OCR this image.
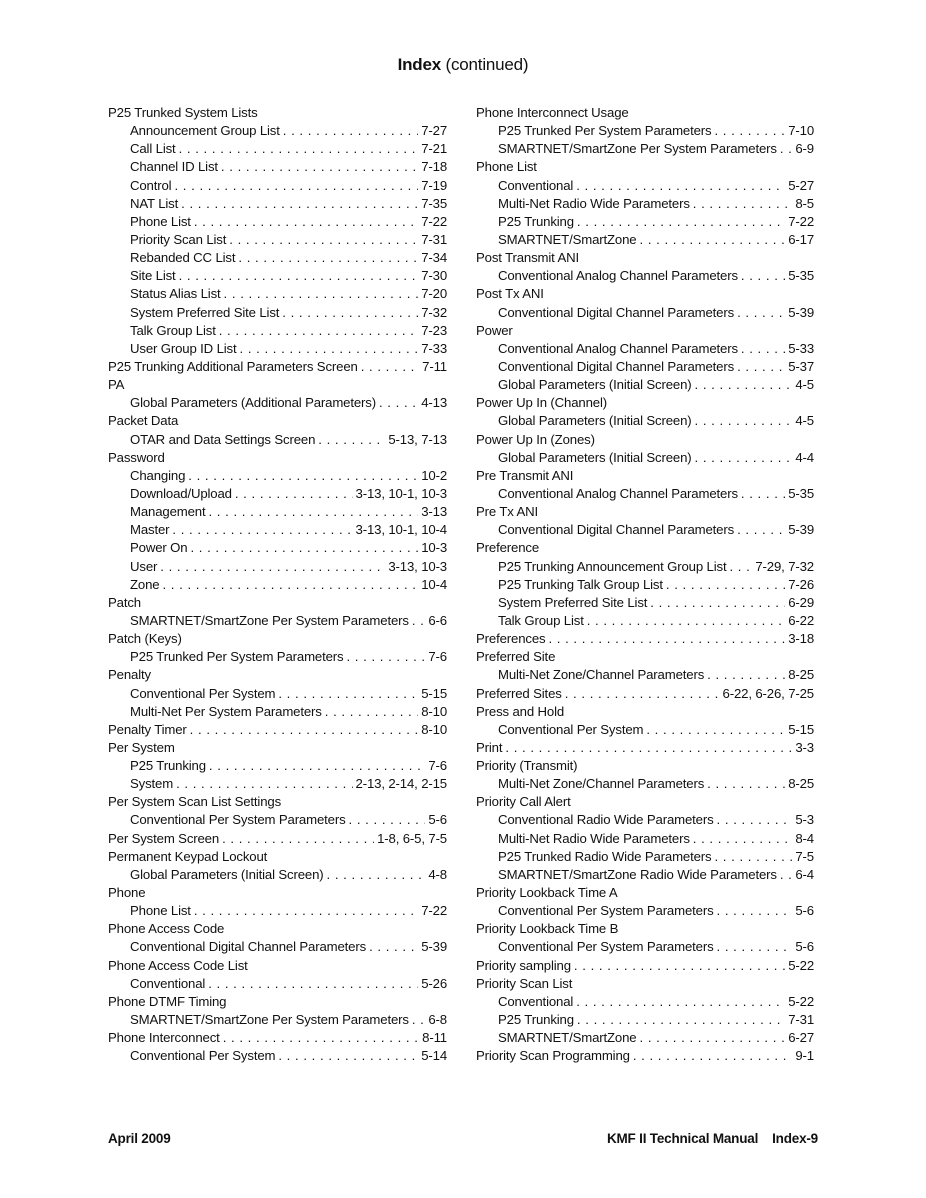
Index (continued)
P25 Trunked System Lists
Announcement Group List . . .	7-27
Call List . . .	7-21
Channel ID List . . .	7-18
Control . . .	7-19
NAT List . . .	7-35
Phone List . . .	7-22
Priority Scan List . . .	7-31
Rebanded CC List . . .	7-34
Site List . . .	7-30
Status Alias List . . .	7-20
System Preferred Site List . . .	7-32
Talk Group List . . .	7-23
User Group ID List . . .	7-33
P25 Trunking Additional Parameters Screen . . .	7-11
PA
Global Parameters (Additional Parameters) . . .	4-13
Packet Data
OTAR and Data Settings Screen . . .	5-13, 7-13
Password
Changing . . .	10-2
Download/Upload . . .	3-13, 10-1, 10-3
Management . . .	3-13
Master . . .	3-13, 10-1, 10-4
Power On . . .	10-3
User . . .	3-13, 10-3
Zone . . .	10-4
Patch
SMARTNET/SmartZone Per System Parameters . . . 6-6
Patch (Keys)
P25 Trunked Per System Parameters . . .	7-6
Penalty
Conventional Per System . . .	5-15
Multi-Net Per System Parameters . . .	8-10
Penalty Timer . . .	8-10
Per System
P25 Trunking . . .	7-6
System . . .	2-13, 2-14, 2-15
Per System Scan List Settings
Conventional Per System Parameters . . .	5-6
Per System Screen . . .	1-8, 6-5, 7-5
Permanent Keypad Lockout
Global Parameters (Initial Screen) . . .	4-8
Phone
Phone List . . .	7-22
Phone Access Code
Conventional Digital Channel Parameters . . .	5-39
Phone Access Code List
Conventional . . .	5-26
Phone DTMF Timing
SMARTNET/SmartZone Per System Parameters . . . 6-8
Phone Interconnect . . .	8-11
Conventional Per System . . .	5-14
Phone Interconnect Usage
P25 Trunked Per System Parameters . . .	7-10
SMARTNET/SmartZone Per System Parameters . . . 6-9
Phone List
Conventional . . .	5-27
Multi-Net Radio Wide Parameters . . .	8-5
P25 Trunking . . .	7-22
SMARTNET/SmartZone . . .	6-17
Post Transmit ANI
Conventional Analog Channel Parameters . . .	5-35
Post Tx ANI
Conventional Digital Channel Parameters . . .	5-39
Power
Conventional Analog Channel Parameters . . .	5-33
Conventional Digital Channel Parameters . . .	5-37
Global Parameters (Initial Screen) . . .	4-5
Power Up In (Channel)
Global Parameters (Initial Screen) . . .	4-5
Power Up In (Zones)
Global Parameters (Initial Screen) . . .	4-4
Pre Transmit ANI
Conventional Analog Channel Parameters . . .	5-35
Pre Tx ANI
Conventional Digital Channel Parameters . . .	5-39
Preference
P25 Trunking Announcement Group List . . . 7-29, 7-32
P25 Trunking Talk Group List . . .	7-26
System Preferred Site List . . .	6-29
Talk Group List . . .	6-22
Preferences . . .	3-18
Preferred Site
Multi-Net Zone/Channel Parameters . . .	8-25
Preferred Sites . . .	6-22, 6-26, 7-25
Press and Hold
Conventional Per System . . .	5-15
Print . . .	3-3
Priority (Transmit)
Multi-Net Zone/Channel Parameters . . .	8-25
Priority Call Alert
Conventional Radio Wide Parameters . . .	5-3
Multi-Net Radio Wide Parameters . . .	8-4
P25 Trunked Radio Wide Parameters . . .	7-5
SMARTNET/SmartZone Radio Wide Parameters . . . 6-4
Priority Lookback Time A
Conventional Per System Parameters . . .	5-6
Priority Lookback Time B
Conventional Per System Parameters . . .	5-6
Priority sampling . . .	5-22
Priority Scan List
Conventional . . .	5-22
P25 Trunking . . .	7-31
SMARTNET/SmartZone . . .	6-27
Priority Scan Programming . . .	9-1
April 2009	KMF II Technical Manual Index-9
